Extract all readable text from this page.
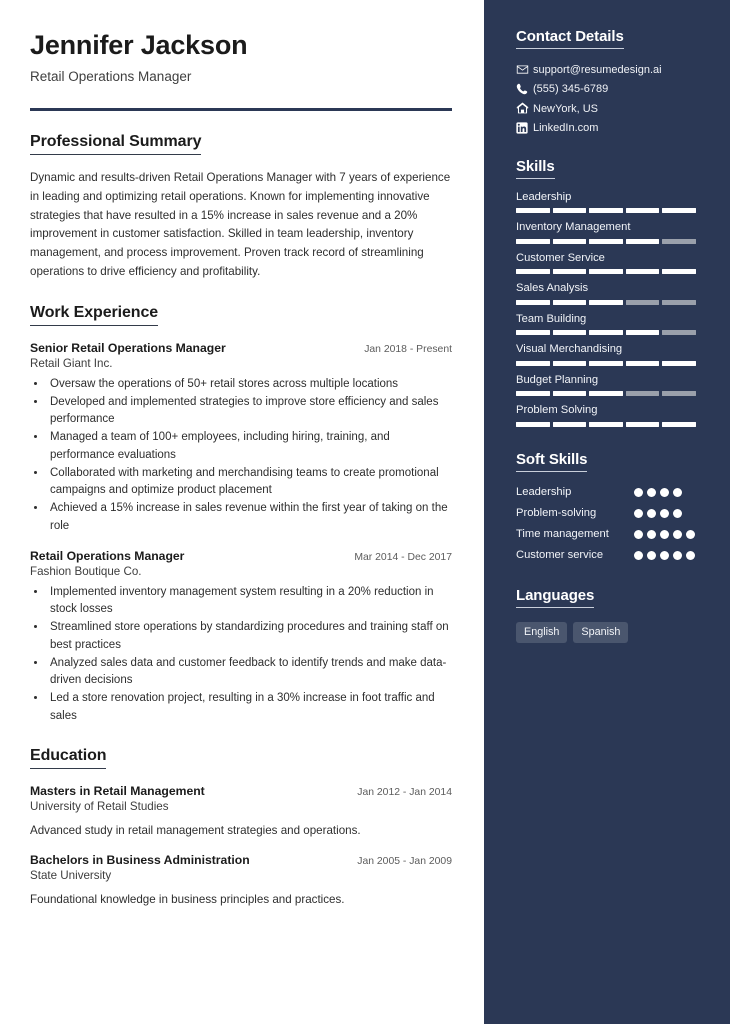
Jennifer Jackson
Retail Operations Manager
Professional Summary

Dynamic and results-driven Retail Operations Manager with 7 years of experience in leading and optimizing retail operations. Known for implementing innovative strategies that have resulted in a 15% increase in sales revenue and a 20% improvement in customer satisfaction. Skilled in team leadership, inventory management, and process improvement. Proven track record of streamlining operations to drive efficiency and profitability.

Work Experience
Senior Retail Operations Manager	Jan 2018 - Present
Retail Giant Inc.
• Oversaw the operations of 50+ retail stores across multiple locations
• Developed and implemented strategies to improve store efficiency and sales performance
• Managed a team of 100+ employees, including hiring, training, and performance evaluations
• Collaborated with marketing and merchandising teams to create promotional campaigns and optimize product placement
• Achieved a 15% increase in sales revenue within the first year of taking on the role
Retail Operations Manager	Mar 2014 - Dec 2017
Fashion Boutique Co.
• Implemented inventory management system resulting in a 20% reduction in stock losses
• Streamlined store operations by standardizing procedures and training staff on best practices
• Analyzed sales data and customer feedback to identify trends and make data-driven decisions
• Led a store renovation project, resulting in a 30% increase in foot traffic and sales
Education
Masters in Retail Management	Jan 2012 - Jan 2014
University of Retail Studies
Advanced study in retail management strategies and operations.
Bachelors in Business Administration	Jan 2005 - Jan 2009
State University
Foundational knowledge in business principles and practices.
Contact Details
support@resumedesign.ai
(555) 345-6789
NewYork, US
LinkedIn.com
Skills
Leadership
Inventory Management
Customer Service
Sales Analysis
Team Building
Visual Merchandising
Budget Planning
Problem Solving
Soft Skills
Leadership
Problem-solving
Time management
Customer service
Languages
English	Spanish
